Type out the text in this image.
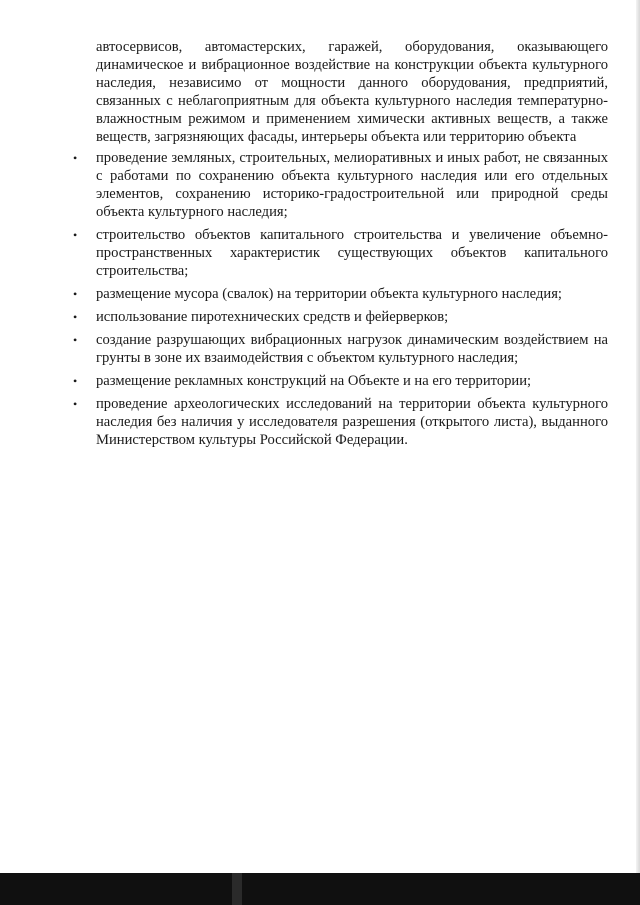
автосервисов, автомастерских, гаражей, оборудования, оказывающего динамическое и вибрационное воздействие на конструкции объекта культурного наследия, независимо от мощности данного оборудования, предприятий, связанных с неблагоприятным для объекта культурного наследия температурно-влажностным режимом и применением химически активных веществ, а также веществ, загрязняющих фасады, интерьеры объекта или территорию объекта

•	проведение земляных, строительных, мелиоративных и иных работ, не связанных с работами по сохранению объекта культурного наследия или его отдельных элементов, сохранению историко-градостроительной или природной среды объекта культурного наследия;
•	строительство объектов капитального строительства и увеличение объемно-пространственных характеристик существующих объектов капитального строительства;
•	размещение мусора (свалок) на территории объекта культурного наследия;
•	использование пиротехнических средств и фейерверков;
•	создание разрушающих вибрационных нагрузок динамическим воздействием на грунты в зоне их взаимодействия с объектом культурного наследия;
•	размещение рекламных конструкций на Объекте и на его территории;
•	проведение археологических исследований на территории объекта культурного наследия без наличия у исследователя разрешения (открытого листа), выданного Министерством культуры Российской Федерации.
